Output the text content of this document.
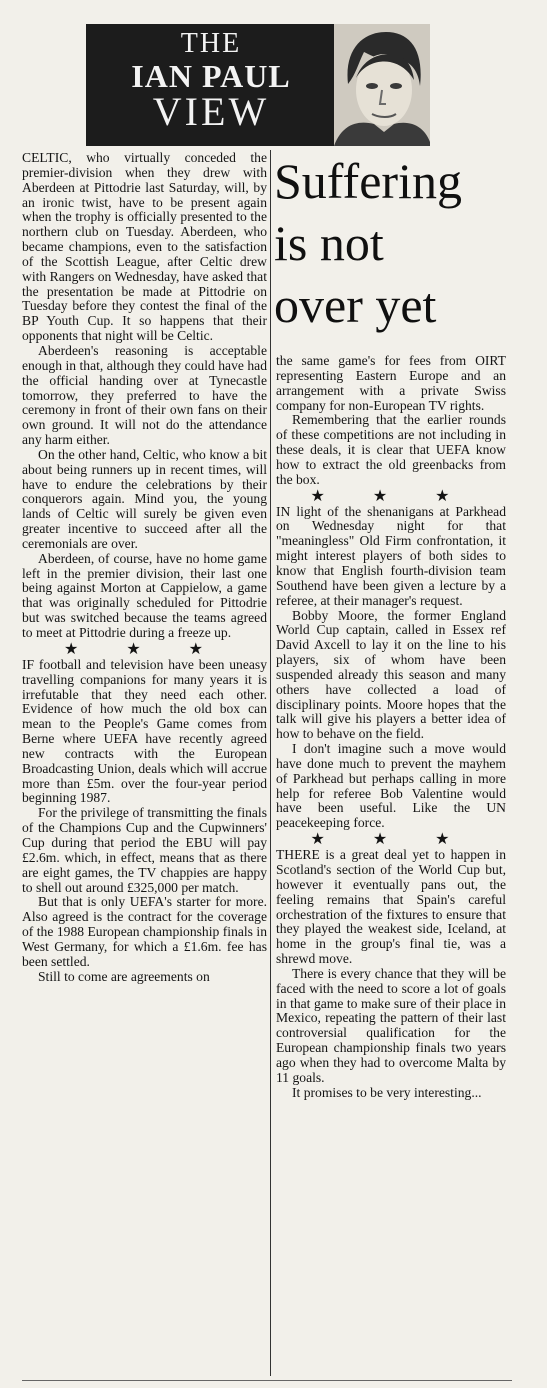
THE
IAN PAUL
VIEW
Suffering
is not
over yet

CELTIC, who virtually conceded the premier-division when they drew with Aberdeen at Pittodrie last Saturday, will, by an ironic twist, have to be present again when the trophy is officially presented to the northern club on Tuesday. Aberdeen, who became champions, even to the satisfaction of the Scottish League, after Celtic drew with Rangers on Wednesday, have asked that the presentation be made at Pittodrie on Tuesday before they contest the final of the BP Youth Cup. It so happens that their opponents that night will be Celtic.

Aberdeen's reasoning is acceptable enough in that, although they could have had the official handing over at Tynecastle tomorrow, they preferred to have the ceremony in front of their own fans on their own ground. It will not do the attendance any harm either.

On the other hand, Celtic, who know a bit about being runners up in recent times, will have to endure the celebrations by their conquerors again. Mind you, the young lands of Celtic will surely be given even greater incentive to succeed after all the ceremonials are over.

Aberdeen, of course, have no home game left in the premier division, their last one being against Morton at Cappielow, a game that was originally scheduled for Pittodrie but was switched because the teams agreed to meet at Pittodrie during a freeze up.

★ ★ ★

IF football and television have been uneasy travelling companions for many years it is irrefutable that they need each other. Evidence of how much the old box can mean to the People's Game comes from Berne where UEFA have recently agreed new contracts with the European Broadcasting Union, deals which will accrue more than £5m. over the four-year period beginning 1987.

For the privilege of transmitting the finals of the Champions Cup and the Cupwinners' Cup during that period the EBU will pay £2.6m. which, in effect, means that as there are eight games, the TV chappies are happy to shell out around £325,000 per match.

But that is only UEFA's starter for more. Also agreed is the contract for the coverage of the 1988 European championship finals in West Germany, for which a £1.6m. fee has been settled.

Still to come are agreements on

the same game's for fees from OIRT representing Eastern Europe and an arrangement with a private Swiss company for non-European TV rights.

Remembering that the earlier rounds of these competitions are not including in these deals, it is clear that UEFA know how to extract the old greenbacks from the box.

★ ★ ★

IN light of the shenanigans at Parkhead on Wednesday night for that "meaningless" Old Firm confrontation, it might interest players of both sides to know that English fourth-division team Southend have been given a lecture by a referee, at their manager's request.

Bobby Moore, the former England World Cup captain, called in Essex ref David Axcell to lay it on the line to his players, six of whom have been suspended already this season and many others have collected a load of disciplinary points. Moore hopes that the talk will give his players a better idea of how to behave on the field.

I don't imagine such a move would have done much to prevent the mayhem of Parkhead but perhaps calling in more help for referee Bob Valentine would have been useful. Like the UN peacekeeping force.

★ ★ ★

THERE is a great deal yet to happen in Scotland's section of the World Cup but, however it eventually pans out, the feeling remains that Spain's careful orchestration of the fixtures to ensure that they played the weakest side, Iceland, at home in the group's final tie, was a shrewd move.

There is every chance that they will be faced with the need to score a lot of goals in that game to make sure of their place in Mexico, repeating the pattern of their last controversial qualification for the European championship finals two years ago when they had to overcome Malta by 11 goals.

It promises to be very interesting...
